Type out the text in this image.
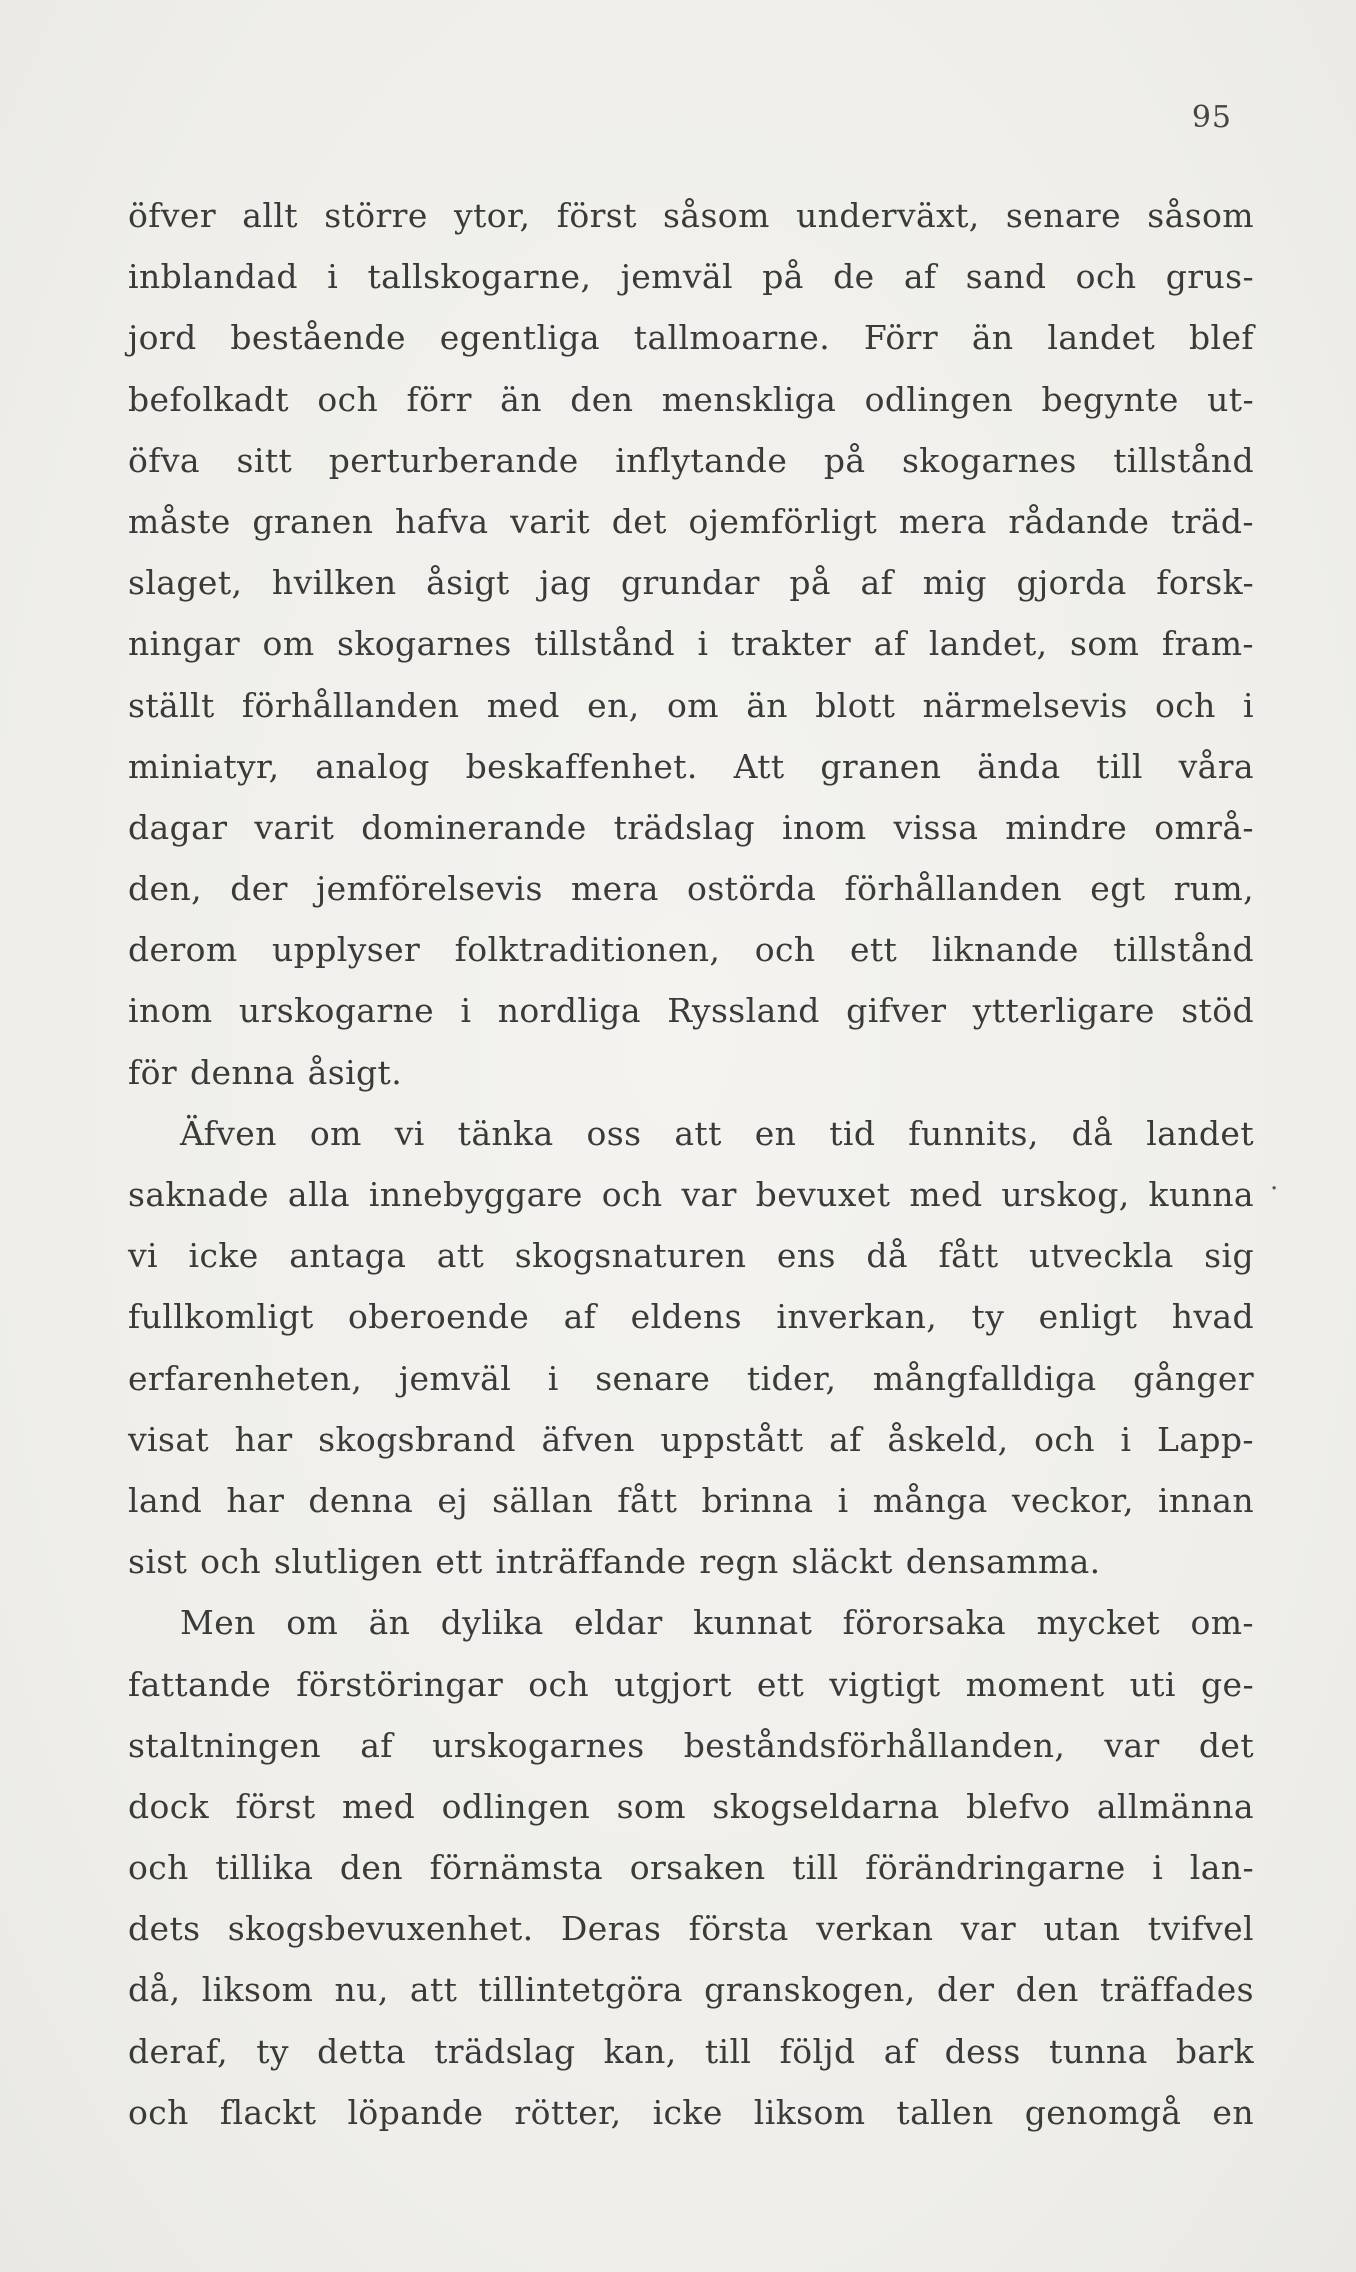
95
öfver allt större ytor, först såsom underväxt, senare såsom
inblandad i tallskogarne, jemväl på de af sand och grus-
jord bestående egentliga tallmoarne. Förr än landet blef
befolkadt och förr än den menskliga odlingen begynte ut-
öfva sitt perturberande inflytande på skogarnes tillstånd
måste granen hafva varit det ojemförligt mera rådande träd-
slaget, hvilken åsigt jag grundar på af mig gjorda forsk-
ningar om skogarnes tillstånd i trakter af landet, som fram-
ställt förhållanden med en, om än blott närmelsevis och i
miniatyr, analog beskaffenhet. Att granen ända till våra
dagar varit dominerande trädslag inom vissa mindre områ-
den, der jemförelsevis mera ostörda förhållanden egt rum,
derom upplyser folktraditionen, och ett liknande tillstånd
inom urskogarne i nordliga Ryssland gifver ytterligare stöd
för denna åsigt.
Äfven om vi tänka oss att en tid funnits, då landet
saknade alla innebyggare och var bevuxet med urskog, kunna
vi icke antaga att skogsnaturen ens då fått utveckla sig
fullkomligt oberoende af eldens inverkan, ty enligt hvad
erfarenheten, jemväl i senare tider, mångfalldiga gånger
visat har skogsbrand äfven uppstått af åskeld, och i Lapp-
land har denna ej sällan fått brinna i många veckor, innan
sist och slutligen ett inträffande regn släckt densamma.
Men om än dylika eldar kunnat förorsaka mycket om-
fattande förstöringar och utgjort ett vigtigt moment uti ge-
staltningen af urskogarnes beståndsförhållanden, var det
dock först med odlingen som skogseldarna blefvo allmänna
och tillika den förnämsta orsaken till förändringarne i lan-
dets skogsbevuxenhet. Deras första verkan var utan tvifvel
då, liksom nu, att tillintetgöra granskogen, der den träffades
deraf, ty detta trädslag kan, till följd af dess tunna bark
och flackt löpande rötter, icke liksom tallen genomgå en
·
